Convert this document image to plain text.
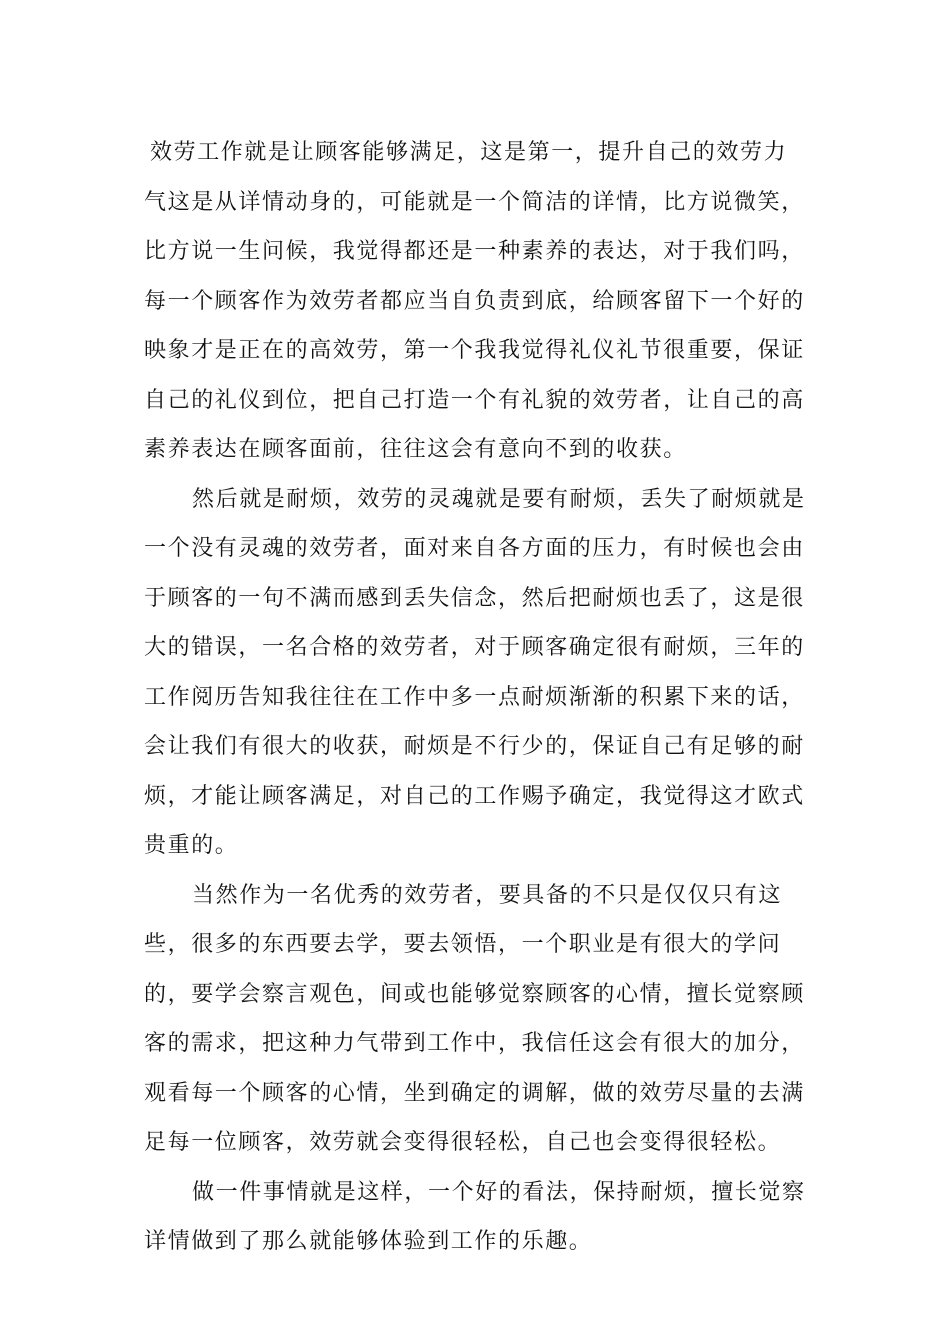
效劳工作就是让顾客能够满足，这是第一，提升自己的效劳力气这是从详情动身的，可能就是一个简洁的详情，比方说微笑，比方说一生问候，我觉得都还是一种素养的表达，对于我们吗，每一个顾客作为效劳者都应当自负责到底，给顾客留下一个好的映象才是正在的高效劳，第一个我我觉得礼仪礼节很重要，保证自己的礼仪到位，把自己打造一个有礼貌的效劳者，让自己的高素养表达在顾客面前，往往这会有意向不到的收获。

然后就是耐烦，效劳的灵魂就是要有耐烦，丢失了耐烦就是一个没有灵魂的效劳者，面对来自各方面的压力，有时候也会由于顾客的一句不满而感到丢失信念，然后把耐烦也丢了，这是很大的错误，一名合格的效劳者，对于顾客确定很有耐烦，三年的工作阅历告知我往往在工作中多一点耐烦渐渐的积累下来的话，会让我们有很大的收获，耐烦是不行少的，保证自己有足够的耐烦，才能让顾客满足，对自己的工作赐予确定，我觉得这才欧式贵重的。

当然作为一名优秀的效劳者，要具备的不只是仅仅只有这些，很多的东西要去学，要去领悟，一个职业是有很大的学问的，要学会察言观色，间或也能够觉察顾客的心情，擅长觉察顾客的需求，把这种力气带到工作中，我信任这会有很大的加分，观看每一个顾客的心情，坐到确定的调解，做的效劳尽量的去满足每一位顾客，效劳就会变得很轻松，自己也会变得很轻松。

做一件事情就是这样，一个好的看法，保持耐烦，擅长觉察详情做到了那么就能够体验到工作的乐趣。
